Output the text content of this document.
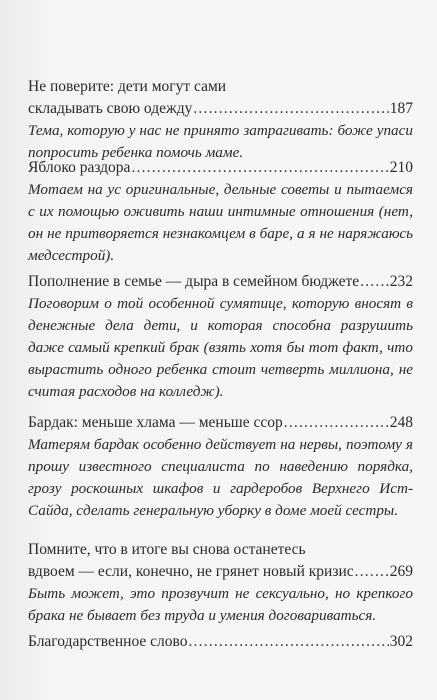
Не поверите: дети могут сами
складывать свою одежду .....	187

Тема, которую у нас не принято затрагивать: боже упаси попросить ребенка помочь маме.

Яблоко раздора .....	210

Мотаем на ус оригинальные, дельные советы и пытаемся с их помощью оживить наши интимные отношения (нет, он не притворяется незнакомцем в баре, а я не наряжаюсь медсестрой).

Пополнение в семье — дыра в семейном бюджете ..... 232

Поговорим о той особенной сумятице, которую вносят в денежные дела дети, и которая способна разрушить даже самый крепкий брак (взять хотя бы тот факт, что вырастить одного ребенка стоит четверть миллиона, не считая расходов на колледж).

Бардак: меньше хлама — меньше ссор .....	248

Матерям бардак особенно действует на нервы, поэтому я прошу известного специалиста по наведению порядка, грозу роскошных шкафов и гардеробов Верхнего Ист-Сайда, сделать генеральную уборку в доме моей сестры.

Помните, что в итоге вы снова останетесь
вдвоем — если, конечно, не грянет новый кризис ..... 269

Быть может, это прозвучит не сексуально, но крепкого брака не бывает без труда и умения договариваться.

Благодарственное слово .....	302
